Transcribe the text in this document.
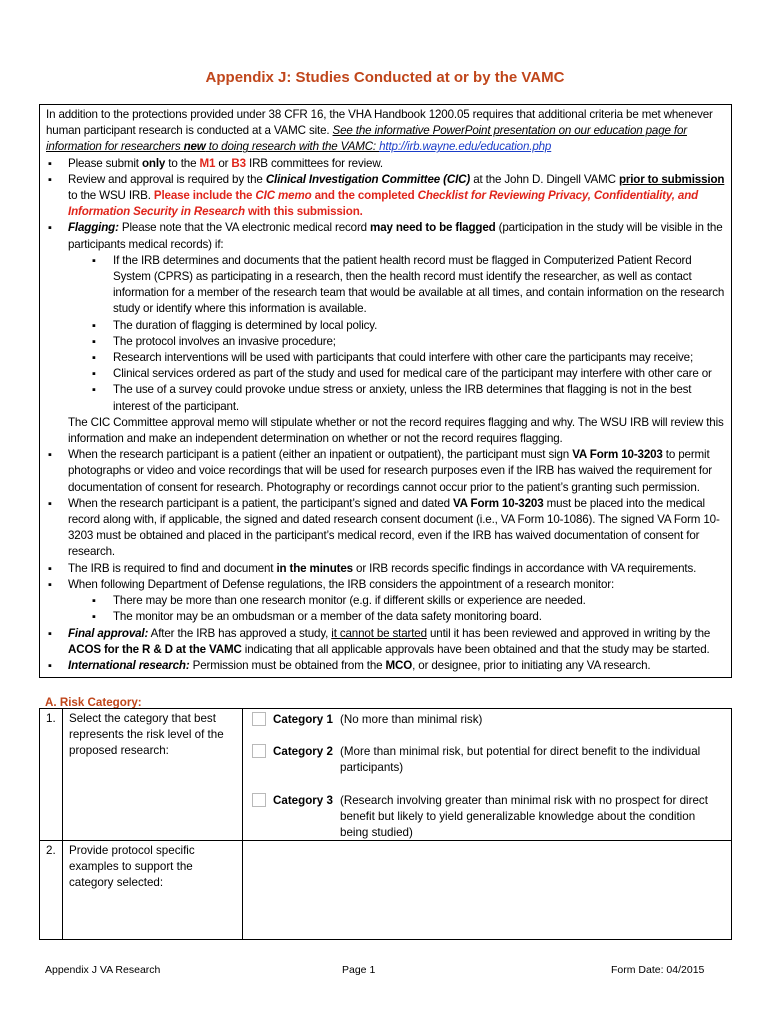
Appendix J: Studies Conducted at or by the VAMC

In addition to the protections provided under 38 CFR 16, the VHA Handbook 1200.05 requires that additional criteria be met whenever human participant research is conducted at a VAMC site. See the informative PowerPoint presentation on our education page for information for researchers new to doing research with the VAMC: http://irb.wayne.edu/education.php

▪ Please submit only to the M1 or B3 IRB committees for review.
▪ Review and approval is required by the Clinical Investigation Committee (CIC) at the John D. Dingell VAMC prior to submission to the WSU IRB. Please include the CIC memo and the completed Checklist for Reviewing Privacy, Confidentiality, and Information Security in Research with this submission.
▪ Flagging: Please note that the VA electronic medical record may need to be flagged (participation in the study will be visible in the participants medical records) if:
▪ If the IRB determines and documents that the patient health record must be flagged in Computerized Patient Record System (CPRS) as participating in a research, then the health record must identify the researcher, as well as contact information for a member of the research team that would be available at all times, and contain information on the research study or identify where this information is available.
▪ The duration of flagging is determined by local policy.
▪ The protocol involves an invasive procedure;
▪ Research interventions will be used with participants that could interfere with other care the participants may receive;
▪ Clinical services ordered as part of the study and used for medical care of the participant may interfere with other care or
▪ The use of a survey could provoke undue stress or anxiety, unless the IRB determines that flagging is not in the best interest of the participant.

The CIC Committee approval memo will stipulate whether or not the record requires flagging and why. The WSU IRB will review this information and make an independent determination on whether or not the record requires flagging.

▪ When the research participant is a patient (either an inpatient or outpatient), the participant must sign VA Form 10-3203 to permit photographs or video and voice recordings that will be used for research purposes even if the IRB has waived the requirement for documentation of consent for research. Photography or recordings cannot occur prior to the patient’s granting such permission.
▪ When the research participant is a patient, the participant’s signed and dated VA Form 10-3203 must be placed into the medical record along with, if applicable, the signed and dated research consent document (i.e., VA Form 10-1086). The signed VA Form 10-3203 must be obtained and placed in the participant’s medical record, even if the IRB has waived documentation of consent for research.
▪ The IRB is required to find and document in the minutes or IRB records specific findings in accordance with VA requirements.
▪ When following Department of Defense regulations, the IRB considers the appointment of a research monitor:
▪ There may be more than one research monitor (e.g. if different skills or experience are needed.
▪ The monitor may be an ombudsman or a member of the data safety monitoring board.
▪ Final approval: After the IRB has approved a study, it cannot be started until it has been reviewed and approved in writing by the ACOS for the R & D at the VAMC indicating that all applicable approvals have been obtained and that the study may be started.
▪ International research: Permission must be obtained from the MCO, or designee, prior to initiating any VA research.
A. Risk Category:
1. Select the category that best represents the risk level of the proposed research:
Category 1 (No more than minimal risk)
Category 2 (More than minimal risk, but potential for direct benefit to the individual participants)
Category 3 (Research involving greater than minimal risk with no prospect for direct benefit but likely to yield generalizable knowledge about the condition being studied)
2. Provide protocol specific examples to support the category selected:
Appendix J VA Research	Page 1	Form Date: 04/2015
